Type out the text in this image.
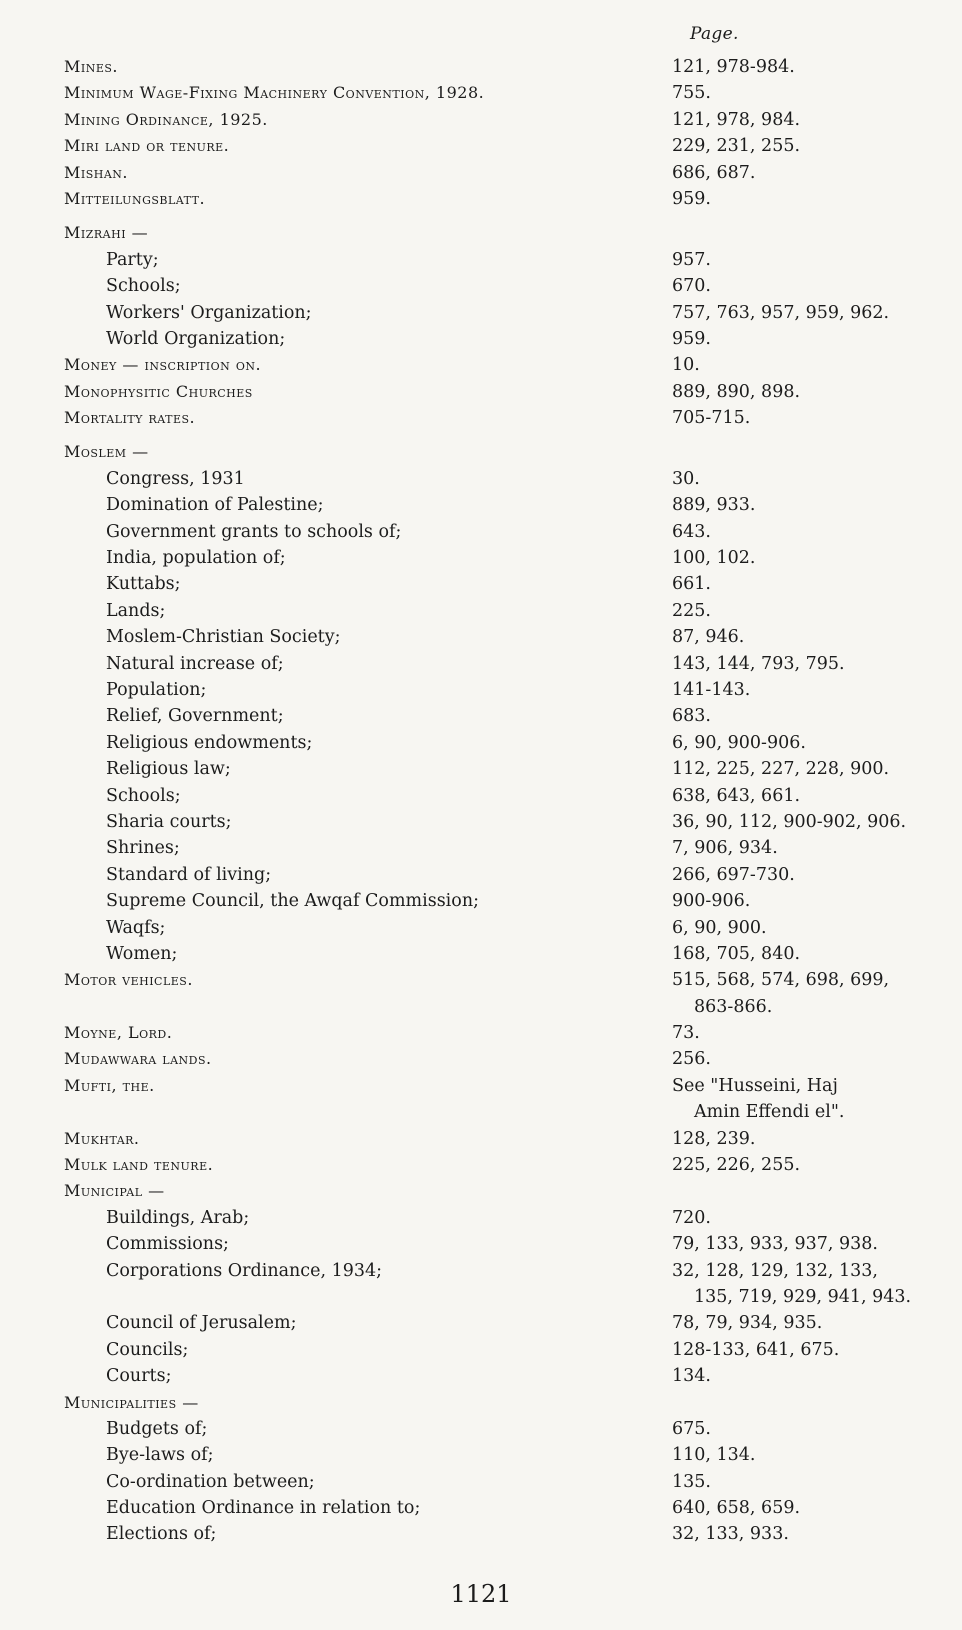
Page.
Mines.	121, 978-984.
Minimum Wage-Fixing Machinery Convention, 1928.	755.
Mining Ordinance, 1925.	121, 978, 984.
Miri land or tenure.	229, 231, 255.
Mishan.	686, 687.
Mitteilungsblatt.	959.
Mizrahi —
Party;	957.
Schools;	670.
Workers' Organization;	757, 763, 957, 959, 962.
World Organization;	959.
Money — inscription on.	10.
Monophysitic Churches	889, 890, 898.
Mortality rates.	705-715.
Moslem —
Congress, 1931	30.
Domination of Palestine;	889, 933.
Government grants to schools of;	643.
India, population of;	100, 102.
Kuttabs;	661.
Lands;	225.
Moslem-Christian Society;	87, 946.
Natural increase of;	143, 144, 793, 795.
Population;	141-143.
Relief, Government;	683.
Religious endowments;	6, 90, 900-906.
Religious law;	112, 225, 227, 228, 900.
Schools;	638, 643, 661.
Sharia courts;	36, 90, 112, 900-902, 906.
Shrines;	7, 906, 934.
Standard of living;	266, 697-730.
Supreme Council, the Awqaf Commission;	900-906.
Waqfs;	6, 90, 900.
Women;	168, 705, 840.
Motor vehicles.	515, 568, 574, 698, 699,
863-866.
Moyne, Lord.	73.
Mudawwara lands.	256.
Mufti, the.	See "Husseini, Haj
Amin Effendi el".
Mukhtar.	128, 239.
Mulk land tenure.	225, 226, 255.
Municipal —
Buildings, Arab;	720.
Commissions;	79, 133, 933, 937, 938.
Corporations Ordinance, 1934;	32, 128, 129, 132, 133,
135, 719, 929, 941, 943.
Council of Jerusalem;	78, 79, 934, 935.
Councils;	128-133, 641, 675.
Courts;	134.
Municipalities —
Budgets of;	675.
Bye-laws of;	110, 134.
Co-ordination between;	135.
Education Ordinance in relation to;	640, 658, 659.
Elections of;	32, 133, 933.
1121
